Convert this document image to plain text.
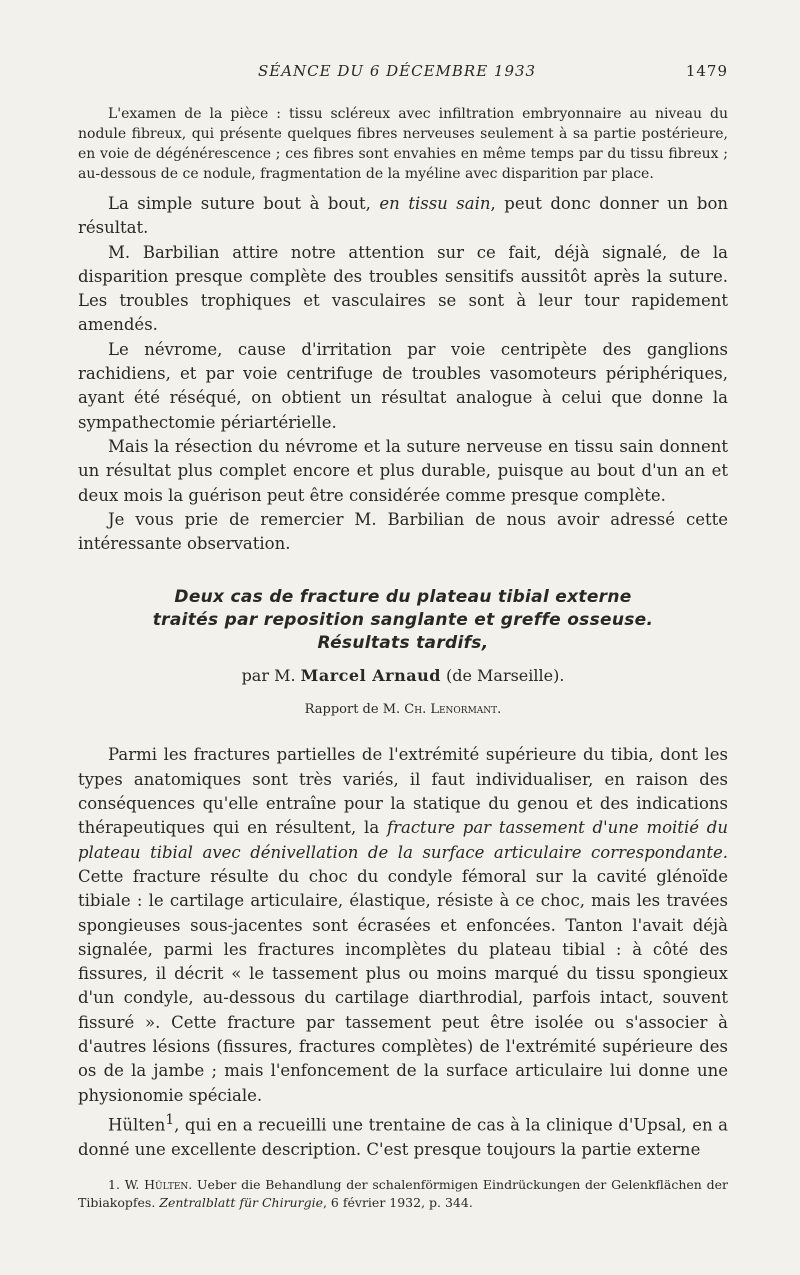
SÉANCE DU 6 DÉCEMBRE 1933	1479

L'examen de la pièce : tissu scléreux avec infiltration embryonnaire au niveau du nodule fibreux, qui présente quelques fibres nerveuses seulement à sa partie postérieure, en voie de dégénérescence ; ces fibres sont envahies en même temps par du tissu fibreux ; au-dessous de ce nodule, fragmentation de la myéline avec disparition par place.

La simple suture bout à bout, en tissu sain, peut donc donner un bon résultat.

M. Barbilian attire notre attention sur ce fait, déjà signalé, de la disparition presque complète des troubles sensitifs aussitôt après la suture. Les troubles trophiques et vasculaires se sont à leur tour rapidement amendés.

Le névrome, cause d'irritation par voie centripète des ganglions rachidiens, et par voie centrifuge de troubles vasomoteurs périphériques, ayant été réséqué, on obtient un résultat analogue à celui que donne la sympathectomie périartérielle.

Mais la résection du névrome et la suture nerveuse en tissu sain donnent un résultat plus complet encore et plus durable, puisque au bout d'un an et deux mois la guérison peut être considérée comme presque complète.

Je vous prie de remercier M. Barbilian de nous avoir adressé cette intéressante observation.

Deux cas de fracture du plateau tibial externe
traités par reposition sanglante et greffe osseuse.
Résultats tardifs,
par M. Marcel Arnaud (de Marseille).
Rapport de M. Ch. Lenormant.

Parmi les fractures partielles de l'extrémité supérieure du tibia, dont les types anatomiques sont très variés, il faut individualiser, en raison des conséquences qu'elle entraîne pour la statique du genou et des indications thérapeutiques qui en résultent, la fracture par tassement d'une moitié du plateau tibial avec dénivellation de la surface articulaire correspondante. Cette fracture résulte du choc du condyle fémoral sur la cavité glénoïde tibiale : le cartilage articulaire, élastique, résiste à ce choc, mais les travées spongieuses sous-jacentes sont écrasées et enfoncées. Tanton l'avait déjà signalée, parmi les fractures incomplètes du plateau tibial : à côté des fissures, il décrit « le tassement plus ou moins marqué du tissu spongieux d'un condyle, au-dessous du cartilage diarthrodial, parfois intact, souvent fissuré ». Cette fracture par tassement peut être isolée ou s'associer à d'autres lésions (fissures, fractures complètes) de l'extrémité supérieure des os de la jambe ; mais l'enfoncement de la surface articulaire lui donne une physionomie spéciale.

Hülten$^1$, qui en a recueilli une trentaine de cas à la clinique d'Upsal, en a donné une excellente description. C'est presque toujours la partie externe

1. W. Hülten. Ueber die Behandlung der schalenförmigen Eindrückungen der Gelenkflächen der Tibiakopfes. Zentralblatt für Chirurgie, 6 février 1932, p. 344.
